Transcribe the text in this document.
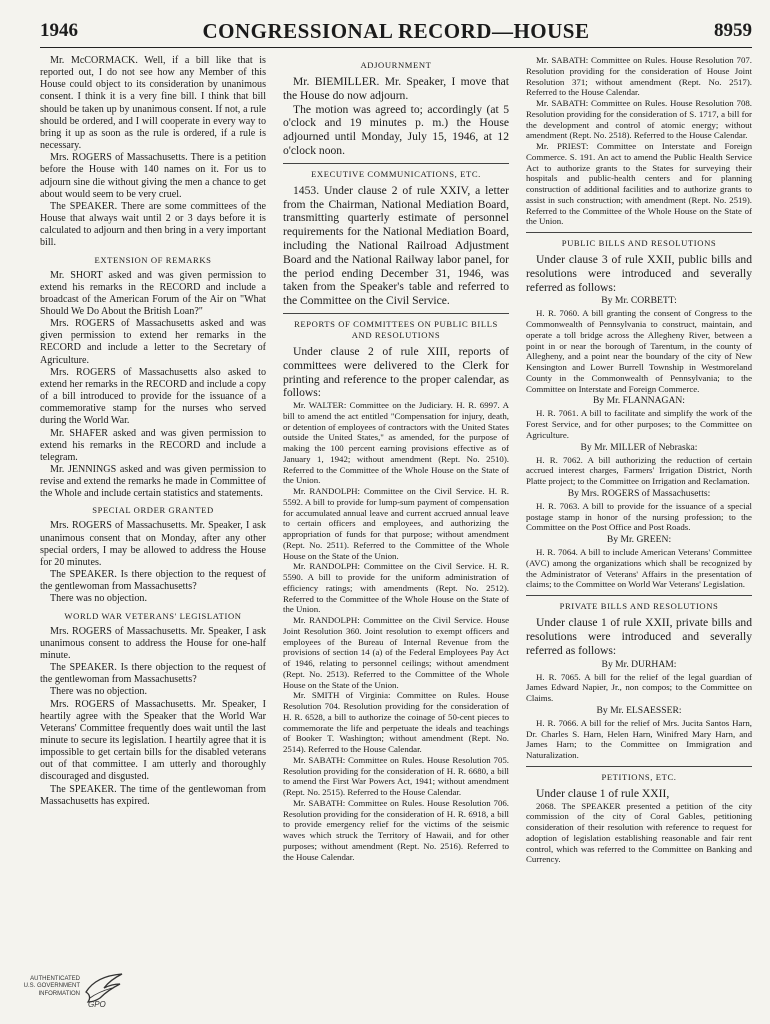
1946	CONGRESSIONAL RECORD—HOUSE	8959

Mr. McCORMACK. Well, if a bill like that is reported out, I do not see how any Member of this House could object to its consideration by unanimous consent. I think it is a very fine bill. I think that bill should be taken up by unanimous consent. If not, a rule should be ordered, and I will cooperate in every way to bring it up as soon as the rule is ordered, if a rule is necessary.

Mrs. ROGERS of Massachusetts. There is a petition before the House with 140 names on it. For us to adjourn sine die without giving the men a chance to get about would seem to be very cruel.

The SPEAKER. There are some committees of the House that always wait until 2 or 3 days before it is calculated to adjourn and then bring in a very important bill.

EXTENSION OF REMARKS

Mr. SHORT asked and was given permission to extend his remarks in the RECORD and include a broadcast of the American Forum of the Air on "What Should We Do About the British Loan?"

Mrs. ROGERS of Massachusetts asked and was given permission to extend her remarks in the RECORD and include a letter to the Secretary of Agriculture.

Mrs. ROGERS of Massachusetts also asked to extend her remarks in the RECORD and include a copy of a bill introduced to provide for the issuance of a commemorative stamp for the nurses who served during the World War.

Mr. SHAFER asked and was given permission to extend his remarks in the RECORD and include a telegram.

Mr. JENNINGS asked and was given permission to revise and extend the remarks he made in Committee of the Whole and include certain statistics and statements.

SPECIAL ORDER GRANTED

Mrs. ROGERS of Massachusetts. Mr. Speaker, I ask unanimous consent that on Monday, after any other special orders, I may be allowed to address the House for 20 minutes.

The SPEAKER. Is there objection to the request of the gentlewoman from Massachusetts?

There was no objection.

WORLD WAR VETERANS' LEGISLATION

Mrs. ROGERS of Massachusetts. Mr. Speaker, I ask unanimous consent to address the House for one-half minute.

The SPEAKER. Is there objection to the request of the gentlewoman from Massachusetts?

There was no objection.

Mrs. ROGERS of Massachusetts. Mr. Speaker, I heartily agree with the Speaker that the World War Veterans' Committee frequently does wait until the last minute to secure its legislation. I heartily agree that it is impossible to get certain bills for the disabled veterans out of that committee. I am utterly and thoroughly discouraged and disgusted.

The SPEAKER. The time of the gentlewoman from Massachusetts has expired.

ADJOURNMENT

Mr. BIEMILLER. Mr. Speaker, I move that the House do now adjourn.

The motion was agreed to; accordingly (at 5 o'clock and 19 minutes p. m.) the House adjourned until Monday, July 15, 1946, at 12 o'clock noon.

EXECUTIVE COMMUNICATIONS, ETC.

1453. Under clause 2 of rule XXIV, a letter from the Chairman, National Mediation Board, transmitting quarterly estimate of personnel requirements for the National Mediation Board, including the National Railroad Adjustment Board and the National Railway labor panel, for the period ending December 31, 1946, was taken from the Speaker's table and referred to the Committee on the Civil Service.

REPORTS OF COMMITTEES ON PUBLIC BILLS AND RESOLUTIONS

Under clause 2 of rule XIII, reports of committees were delivered to the Clerk for printing and reference to the proper calendar, as follows:

Mr. WALTER: Committee on the Judiciary. H. R. 6997. A bill to amend the act entitled "Compensation for injury, death, or detention of employees of contractors with the United States outside the United States," as amended, for the purpose of making the 100 percent earning provisions effective as of January 1, 1942; without amendment (Rept. No. 2510). Referred to the Committee of the Whole House on the State of the Union.

Mr. RANDOLPH: Committee on the Civil Service. H. R. 5592. A bill to provide for lump-sum payment of compensation for accumulated annual leave and current accrued annual leave to certain officers and employees, and authorizing the appropriation of funds for that purpose; without amendment (Rept. No. 2511). Referred to the Committee of the Whole House on the State of the Union.

Mr. RANDOLPH: Committee on the Civil Service. H. R. 5590. A bill to provide for the uniform administration of efficiency ratings; with amendments (Rept. No. 2512). Referred to the Committee of the Whole House on the State of the Union.

Mr. RANDOLPH: Committee on the Civil Service. House Joint Resolution 360. Joint resolution to exempt officers and employees of the Bureau of Internal Revenue from the provisions of section 14 (a) of the Federal Employees Pay Act of 1946, relating to personnel ceilings; without amendment (Rept. No. 2513). Referred to the Committee of the Whole House on the State of the Union.

Mr. SMITH of Virginia: Committee on Rules. House Resolution 704. Resolution providing for the consideration of H. R. 6528, a bill to authorize the coinage of 50-cent pieces to commemorate the life and perpetuate the ideals and teachings of Booker T. Washington; without amendment (Rept. No. 2514). Referred to the House Calendar.

Mr. SABATH: Committee on Rules. House Resolution 705. Resolution providing for the consideration of H. R. 6680, a bill to amend the First War Powers Act, 1941; without amendment (Rept. No. 2515). Referred to the House Calendar.

Mr. SABATH: Committee on Rules. House Resolution 706. Resolution providing for the consideration of H. R. 6918, a bill to provide emergency relief for the victims of the seismic waves which struck the Territory of Hawaii, and for other purposes; without amendment (Rept. No. 2516). Referred to the House Calendar.

Mr. SABATH: Committee on Rules. House Resolution 707. Resolution providing for the consideration of House Joint Resolution 371; without amendment (Rept. No. 2517). Referred to the House Calendar.

Mr. SABATH: Committee on Rules. House Resolution 708. Resolution providing for the consideration of S. 1717, a bill for the development and control of atomic energy; without amendment (Rept. No. 2518). Referred to the House Calendar.

Mr. PRIEST: Committee on Interstate and Foreign Commerce. S. 191. An act to amend the Public Health Service Act to authorize grants to the States for surveying their hospitals and public-health centers and for planning construction of additional facilities and to authorize grants to assist in such construction; with amendment (Rept. No. 2519). Referred to the Committee of the Whole House on the State of the Union.

PUBLIC BILLS AND RESOLUTIONS

Under clause 3 of rule XXII, public bills and resolutions were introduced and severally referred as follows:

By Mr. CORBETT:

H. R. 7060. A bill granting the consent of Congress to the Commonwealth of Pennsylvania to construct, maintain, and operate a toll bridge across the Allegheny River, between a point in or near the borough of Tarentum, in the county of Allegheny, and a point near the boundary of the city of New Kensington and Lower Burrell Township in Westmoreland County in the Commonwealth of Pennsylvania; to the Committee on Interstate and Foreign Commerce.

By Mr. FLANNAGAN:

H. R. 7061. A bill to facilitate and simplify the work of the Forest Service, and for other purposes; to the Committee on Agriculture.

By Mr. MILLER of Nebraska:

H. R. 7062. A bill authorizing the reduction of certain accrued interest charges, Farmers' Irrigation District, North Platte project; to the Committee on Irrigation and Reclamation.

By Mrs. ROGERS of Massachusetts:

H. R. 7063. A bill to provide for the issuance of a special postage stamp in honor of the nursing profession; to the Committee on the Post Office and Post Roads.

By Mr. GREEN:

H. R. 7064. A bill to include American Veterans' Committee (AVC) among the organizations which shall be recognized by the Administrator of Veterans' Affairs in the presentation of claims; to the Committee on World War Veterans' Legislation.

PRIVATE BILLS AND RESOLUTIONS

Under clause 1 of rule XXII, private bills and resolutions were introduced and severally referred as follows:

By Mr. DURHAM:

H. R. 7065. A bill for the relief of the legal guardian of James Edward Napier, Jr., non compos; to the Committee on Claims.

By Mr. ELSAESSER:

H. R. 7066. A bill for the relief of Mrs. Jucita Santos Harn, Dr. Charles S. Harn, Helen Harn, Winifred Mary Harn, and James Harn; to the Committee on Immigration and Naturalization.

PETITIONS, ETC.

Under clause 1 of rule XXII,

2068. The SPEAKER presented a petition of the city commission of the city of Coral Gables, petitioning consideration of their resolution with reference to request for adoption of legislation establishing reasonable and fair rent control, which was referred to the Committee on Banking and Currency.

AUTHENTICATED U.S. GOVERNMENT INFORMATION
GPO
